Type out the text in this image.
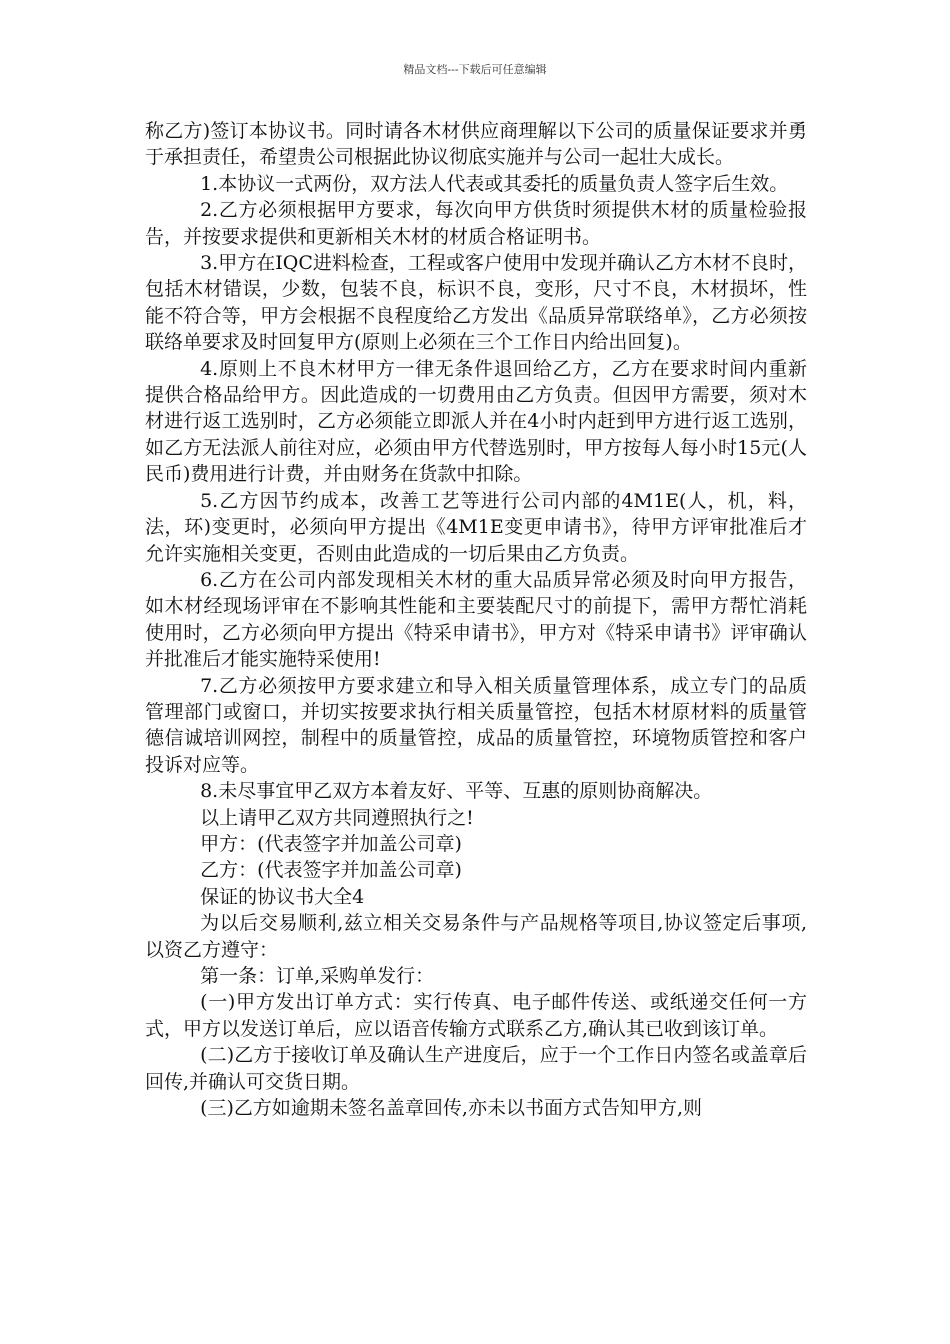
精品文档---下载后可任意编辑

称乙方)签订本协议书。同时请各木材供应商理解以下公司的质量保证要求并勇于承担责任，希望贵公司根据此协议彻底实施并与公司一起壮大成长。

1.本协议一式两份，双方法人代表或其委托的质量负责人签字后生效。

2.乙方必须根据甲方要求，每次向甲方供货时须提供木材的质量检验报告，并按要求提供和更新相关木材的材质合格证明书。

3.甲方在IQC进料检查，工程或客户使用中发现并确认乙方木材不良时，包括木材错误，少数，包装不良，标识不良，变形，尺寸不良，木材损坏，性能不符合等，甲方会根据不良程度给乙方发出《品质异常联络单》，乙方必须按联络单要求及时回复甲方(原则上必须在三个工作日内给出回复)。

4.原则上不良木材甲方一律无条件退回给乙方，乙方在要求时间内重新提供合格品给甲方。因此造成的一切费用由乙方负责。但因甲方需要，须对木材进行返工选别时，乙方必须能立即派人并在4小时内赶到甲方进行返工选别，如乙方无法派人前往对应，必须由甲方代替选别时，甲方按每人每小时15元(人民币)费用进行计费，并由财务在货款中扣除。

5.乙方因节约成本，改善工艺等进行公司内部的4M1E(人，机，料，法，环)变更时，必须向甲方提出《4M1E变更申请书》，待甲方评审批准后才允许实施相关变更，否则由此造成的一切后果由乙方负责。

6.乙方在公司内部发现相关木材的重大品质异常必须及时向甲方报告，如木材经现场评审在不影响其性能和主要装配尺寸的前提下，需甲方帮忙消耗使用时，乙方必须向甲方提出《特采申请书》，甲方对《特采申请书》评审确认并批准后才能实施特采使用!

7.乙方必须按甲方要求建立和导入相关质量管理体系，成立专门的品质管理部门或窗口，并切实按要求执行相关质量管控，包括木材原材料的质量管德信诚培训网控，制程中的质量管控，成品的质量管控，环境物质管控和客户投诉对应等。

8.未尽事宜甲乙双方本着友好、平等、互惠的原则协商解决。

以上请甲乙双方共同遵照执行之!

甲方：(代表签字并加盖公司章)

乙方：(代表签字并加盖公司章)

保证的协议书大全4

为以后交易顺利,兹立相关交易条件与产品规格等项目,协议签定后事项,以资乙方遵守：

第一条：订单,采购单发行：

(一)甲方发出订单方式：实行传真、电子邮件传送、或纸递交任何一方式，甲方以发送订单后，应以语音传输方式联系乙方,确认其已收到该订单。

(二)乙方于接收订单及确认生产进度后，应于一个工作日内签名或盖章后回传,并确认可交货日期。

(三)乙方如逾期未签名盖章回传,亦未以书面方式告知甲方,则
